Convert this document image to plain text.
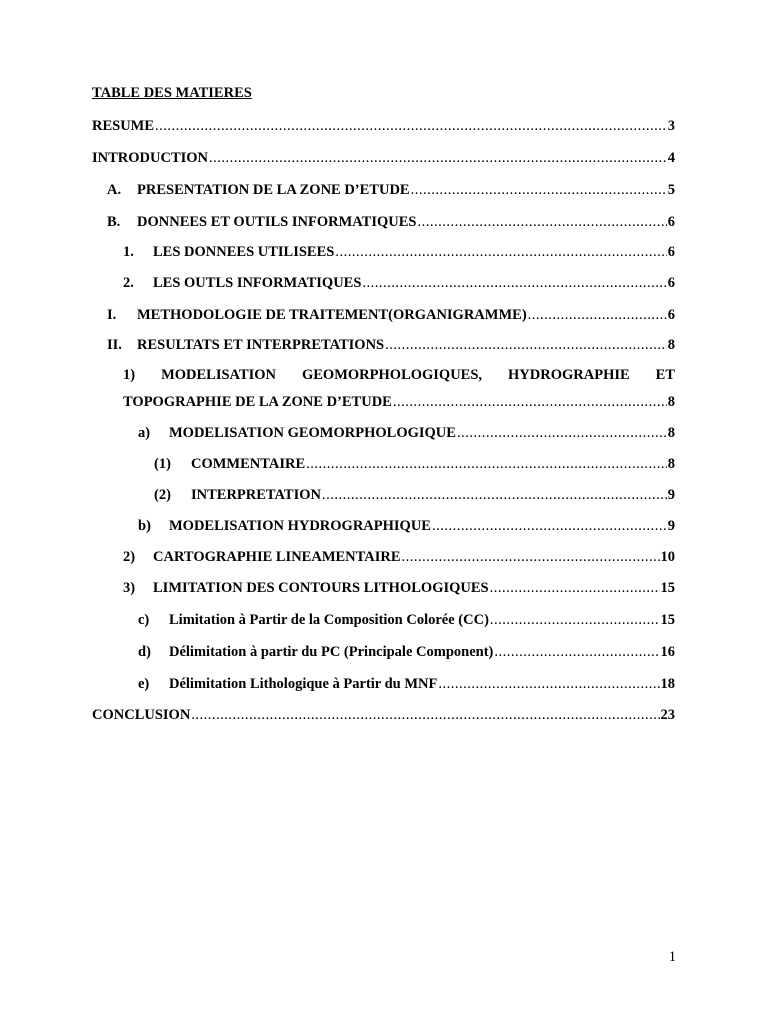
TABLE DES MATIERES
RESUME .....	3
INTRODUCTION .....	4
A.	PRESENTATION DE LA ZONE D’ETUDE .....	5
B.	DONNEES ET OUTILS INFORMATIQUES .....	6
1.	LES DONNEES UTILISEES .....	6
2.	LES OUTLS INFORMATIQUES .....	6
I.	METHODOLOGIE DE TRAITEMENT(ORGANIGRAMME) .....	6
II.	RESULTATS ET INTERPRETATIONS .....	8
1) MODELISATION GEOMORPHOLOGIQUES, HYDROGRAPHIE ET
TOPOGRAPHIE DE LA ZONE D’ETUDE .....	8
a)	MODELISATION GEOMORPHOLOGIQUE .....	8
(1)	COMMENTAIRE .....	8
(2)	INTERPRETATION .....	9
b)	MODELISATION HYDROGRAPHIQUE .....	9
2)	CARTOGRAPHIE LINEAMENTAIRE .....	10
3)	LIMITATION DES CONTOURS LITHOLOGIQUES .....	15
c)	Limitation à Partir de la Composition Colorée (CC) .....	15
d)	Délimitation à partir du PC (Principale Component) .....	16
e)	Délimitation Lithologique à Partir du MNF .....	18
CONCLUSION .....	23
1
